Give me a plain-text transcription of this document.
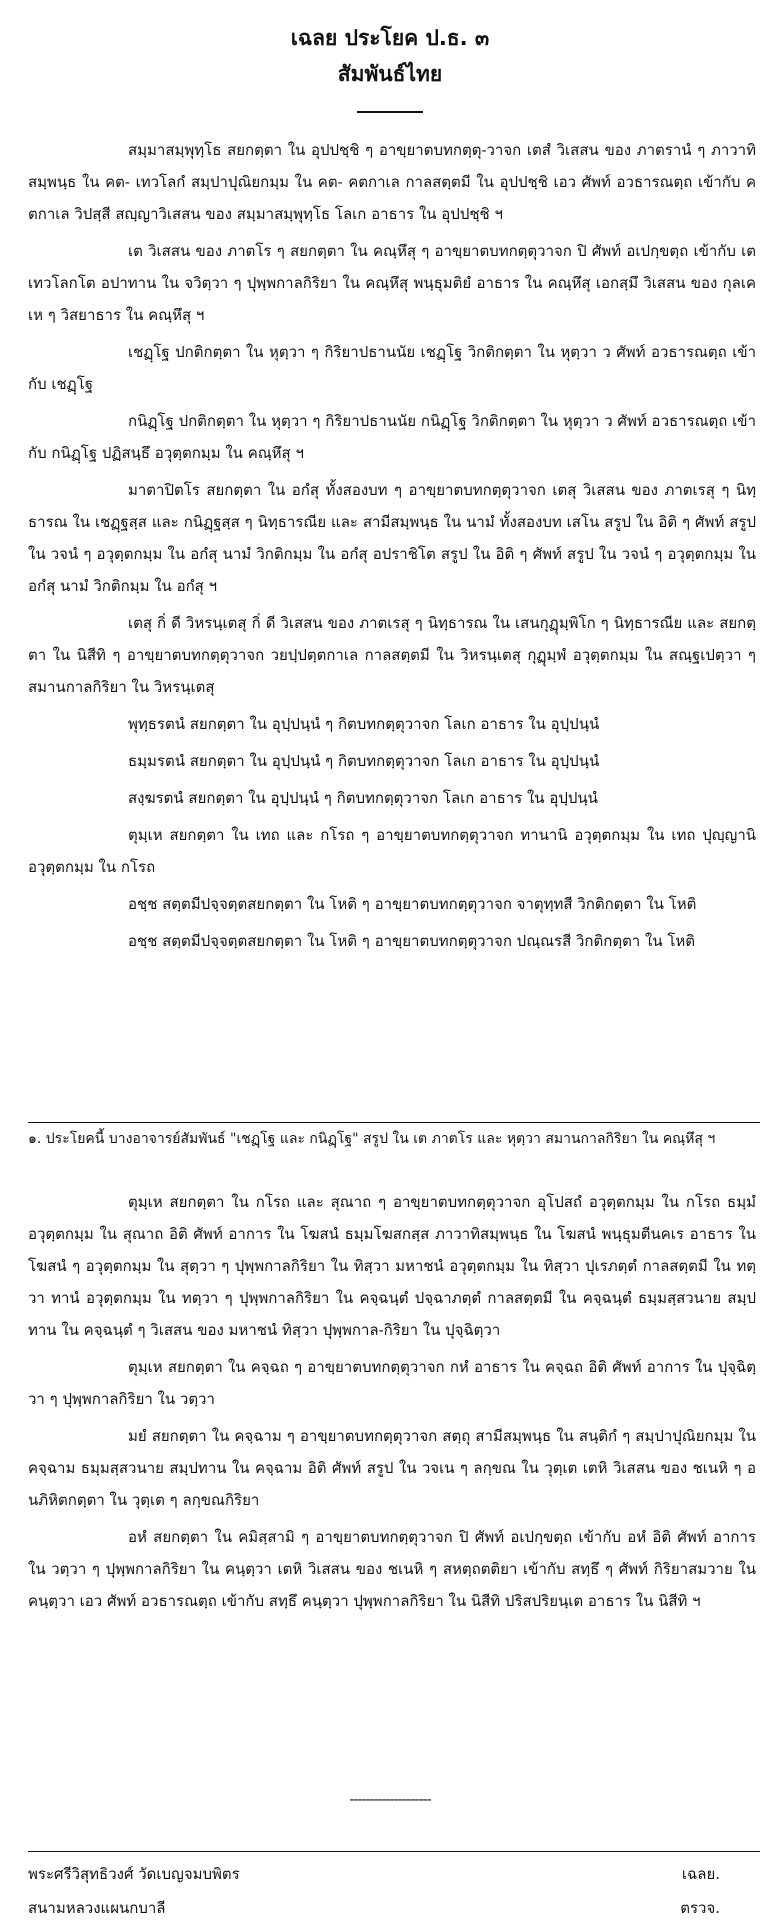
เฉลย ประโยค ป.ธ. ๓
สัมพันธ์ไทย

สมฺมาสมฺพุทฺโธ สยกตฺตา ใน อุปปชฺชิ ๆ อาขฺยาตบทกตฺตุ-วาจก เตสํ วิเสสน ของ ภาตรานํ ๆ ภาวาทิสมฺพนฺธ ใน คต- เทวโลกํ สมฺปาปุณิยกมฺม ใน คต- คตกาเล กาลสตฺตมี ใน อุปปชฺชิ เอว ศัพท์ อวธารณตฺถ เข้ากับ คตกาเล วิปสฺสี สญฺญาวิเสสน ของ สมฺมาสมฺพุทฺโธ โลเก อาธาร ใน อุปปชฺชิ ฯ

เต วิเสสน ของ ภาตโร ๆ สยกตฺตา ใน คณฺหึสุ ๆ อาขฺยาตบทกตฺตุวาจก ปิ ศัพท์ อเปกฺขตฺถ เข้ากับ เต เทวโลกโต อปาทาน ใน จวิตฺวา ๆ ปุพฺพกาลกิริยา ใน คณฺหึสุ พนฺธุมติยํ อาธาร ใน คณฺหึสุ เอกสฺมึ วิเสสน ของ กุลเคเห ๆ วิสยาธาร ใน คณฺหึสุ ฯ

เชฏฺโฐ ปกติกตฺตา ใน หุตฺวา ๆ กิริยาปธานนัย เชฏฺโฐ วิกติกตฺตา ใน หุตฺวา ว ศัพท์ อวธารณตฺถ เข้ากับ เชฏฺโฐ

กนิฏฺโฐ ปกติกตฺตา ใน หุตฺวา ๆ กิริยาปธานนัย กนิฏฺโฐ วิกติกตฺตา ใน หุตฺวา ว ศัพท์ อวธารณตฺถ เข้ากับ กนิฏฺโฐ ปฏิสนฺธึ อวุตฺตกมฺม ใน คณฺหึสุ ฯ

มาตาปิตโร สยกตฺตา ใน อกํสุ ทั้งสองบท ๆ อาขฺยาตบทกตฺตุวาจก เตสุ วิเสสน ของ ภาตเรสุ ๆ นิทฺธารณ ใน เชฏฺฐสฺส และ กนิฏฺฐสฺส ๆ นิทฺธารณีย และ สามีสมฺพนฺธ ใน นามํ ทั้งสองบท เสโน สรูป ใน อิติ ๆ ศัพท์ สรูป ใน วจนํ ๆ อวุตฺตกมฺม ใน อกํสุ นามํ วิกติกมฺม ใน อกํสุ อปราชิโต สรูป ใน อิติ ๆ ศัพท์ สรูป ใน วจนํ ๆ อวุตฺตกมฺม ใน อกํสุ นามํ วิกติกมฺม ใน อกํสุ ฯ

เตสุ กิํ ดี วิหรนฺเตสุ กิํ ดี วิเสสน ของ ภาตเรสุ ๆ นิทฺธารณ ใน เสนกุฏุมฺพิโก ๆ นิทฺธารณีย และ สยกตฺตา ใน นิสีทิ ๆ อาขฺยาตบทกตฺตุวาจก วยปฺปตฺตกาเล กาลสตฺตมี ใน วิหรนฺเตสุ กุฏุมฺพํ อวุตฺตกมฺม ใน สณฺฐเปตฺวา ๆ สมานกาลกิริยา ใน วิหรนฺเตสุ

พุทฺธรตนํ สยกตฺตา ใน อุปฺปนฺนํ ๆ กิตบทกตฺตุวาจก โลเก อาธาร ใน อุปฺปนฺนํ

ธมฺมรตนํ สยกตฺตา ใน อุปฺปนฺนํ ๆ กิตบทกตฺตุวาจก โลเก อาธาร ใน อุปฺปนฺนํ

สงฺฆรตนํ สยกตฺตา ใน อุปฺปนฺนํ ๆ กิตบทกตฺตุวาจก โลเก อาธาร ใน อุปฺปนฺนํ

ตุมฺเห สยกตฺตา ใน เทถ และ กโรถ ๆ อาขฺยาตบทกตฺตุวาจก ทานานิ อวุตฺตกมฺม ใน เทถ ปุญฺญานิ อวุตฺตกมฺม ใน กโรถ

อชฺช สตฺตมีปจฺจตฺตสยกตฺตา ใน โหติ ๆ อาขฺยาตบทกตฺตุวาจก จาตุทฺทสี วิกติกตฺตา ใน โหติ

อชฺช สตฺตมีปจฺจตฺตสยกตฺตา ใน โหติ ๆ อาขฺยาตบทกตฺตุวาจก ปณฺณรสี วิกติกตฺตา ใน โหติ

๑. ประโยคนี้ บางอาจารย์สัมพันธ์ "เชฏฺโฐ และ กนิฏฺโฐ" สรูป ใน เต ภาตโร และ หุตฺวา สมานกาลกิริยา ใน คณฺหึสุ ฯ

ตุมฺเห สยกตฺตา ใน กโรถ และ สุณาถ ๆ อาขฺยาตบทกตฺตุวาจก อุโปสถํ อวุตฺตกมฺม ใน กโรถ ธมฺมํ อวุตฺตกมฺม ใน สุณาถ อิติ ศัพท์ อาการ ใน โฆสนํ ธมฺมโฆสกสฺส ภาวาทิสมฺพนฺธ ใน โฆสนํ พนฺธุมตีนคเร อาธาร ใน โฆสนํ ๆ อวุตฺตกมฺม ใน สุตฺวา ๆ ปุพฺพกาลกิริยา ใน ทิสฺวา มหาชนํ อวุตฺตกมฺม ใน ทิสฺวา ปุเรภตฺตํ กาลสตฺตมี ใน ทตฺวา ทานํ อวุตฺตกมฺม ใน ทตฺวา ๆ ปุพฺพกาลกิริยา ใน คจฺฉนฺตํ ปจฺฉาภตฺตํ กาลสตฺตมี ใน คจฺฉนฺตํ ธมฺมสฺสวนาย สมฺปทาน ใน คจฺฉนฺตํ ๆ วิเสสน ของ มหาชนํ ทิสฺวา ปุพฺพกาล-กิริยา ใน ปุจฺฉิตฺวา

ตุมฺเห สยกตฺตา ใน คจฺฉถ ๆ อาขฺยาตบทกตฺตุวาจก กหํ อาธาร ใน คจฺฉถ อิติ ศัพท์ อาการ ใน ปุจฺฉิตฺวา ๆ ปุพฺพกาลกิริยา ใน วตฺวา

มยํ สยกตฺตา ใน คจฺฉาม ๆ อาขฺยาตบทกตฺตุวาจก สตฺถุ สามีสมฺพนฺธ ใน สนฺติกํ ๆ สมฺปาปุณิยกมฺม ใน คจฺฉาม ธมฺมสฺสวนาย สมฺปทาน ใน คจฺฉาม อิติ ศัพท์ สรูป ใน วจเน ๆ ลกฺขณ ใน วุตฺเต เตหิ วิเสสน ของ ชเนหิ ๆ อนภิหิตกตฺตา ใน วุตฺเต ๆ ลกฺขณกิริยา

อหํ สยกตฺตา ใน คมิสฺสามิ ๆ อาขฺยาตบทกตฺตุวาจก ปิ ศัพท์ อเปกฺขตฺถ เข้ากับ อหํ อิติ ศัพท์ อาการ ใน วตฺวา ๆ ปุพฺพกาลกิริยา ใน คนฺตฺวา เตหิ วิเสสน ของ ชเนหิ ๆ สหตฺถตติยา เข้ากับ สทฺธึ ๆ ศัพท์ กิริยาสมวาย ใน คนฺตฺวา เอว ศัพท์ อวธารณตฺถ เข้ากับ สทฺธึ คนฺตฺวา ปุพฺพกาลกิริยา ใน นิสีทิ ปริสปริยนฺเต อาธาร ใน นิสีทิ ฯ

--------------------
พระศรีวิสุทธิวงศ์ วัดเบญจมบพิตร	เฉลย.
สนามหลวงแผนกบาลี	ตรวจ.
